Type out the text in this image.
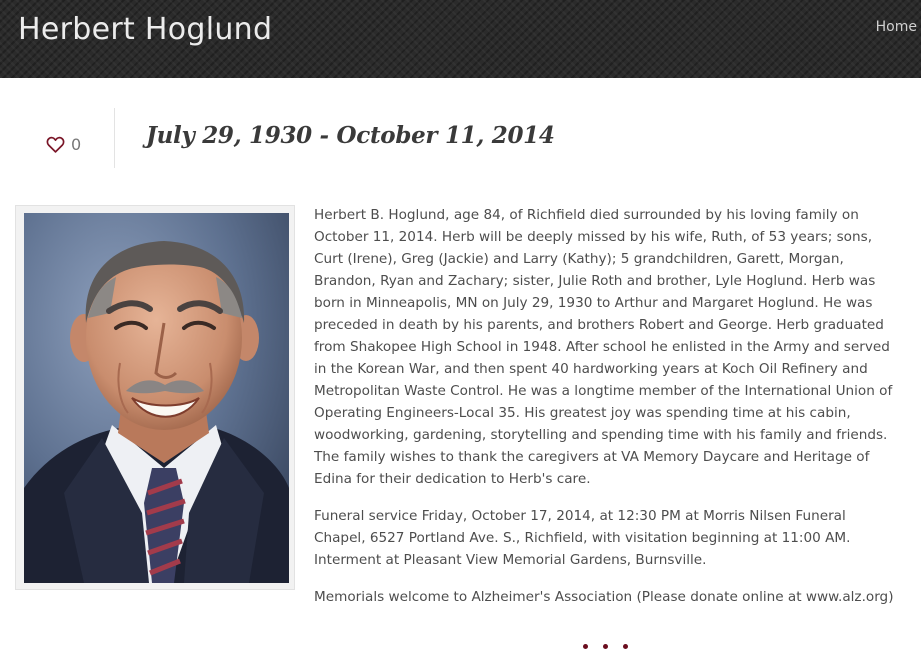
Herbert Hoglund	Home
0	July 29, 1930 - October 11, 2014

Herbert B. Hoglund, age 84, of Richfield died surrounded by his loving family on October 11, 2014. Herb will be deeply missed by his wife, Ruth, of 53 years; sons, Curt (Irene), Greg (Jackie) and Larry (Kathy); 5 grandchildren, Garett, Morgan, Brandon, Ryan and Zachary; sister, Julie Roth and brother, Lyle Hoglund. Herb was born in Minneapolis, MN on July 29, 1930 to Arthur and Margaret Hoglund. He was preceded in death by his parents, and brothers Robert and George. Herb graduated from Shakopee High School in 1948. After school he enlisted in the Army and served in the Korean War, and then spent 40 hardworking years at Koch Oil Refinery and Metropolitan Waste Control. He was a longtime member of the International Union of Operating Engineers-Local 35. His greatest joy was spending time at his cabin, woodworking, gardening, storytelling and spending time with his family and friends. The family wishes to thank the caregivers at VA Memory Daycare and Heritage of Edina for their dedication to Herb's care.

Funeral service Friday, October 17, 2014, at 12:30 PM at Morris Nilsen Funeral Chapel, 6527 Portland Ave. S., Richfield, with visitation beginning at 11:00 AM. Interment at Pleasant View Memorial Gardens, Burnsville.

Memorials welcome to Alzheimer's Association (Please donate online at www.alz.org)
